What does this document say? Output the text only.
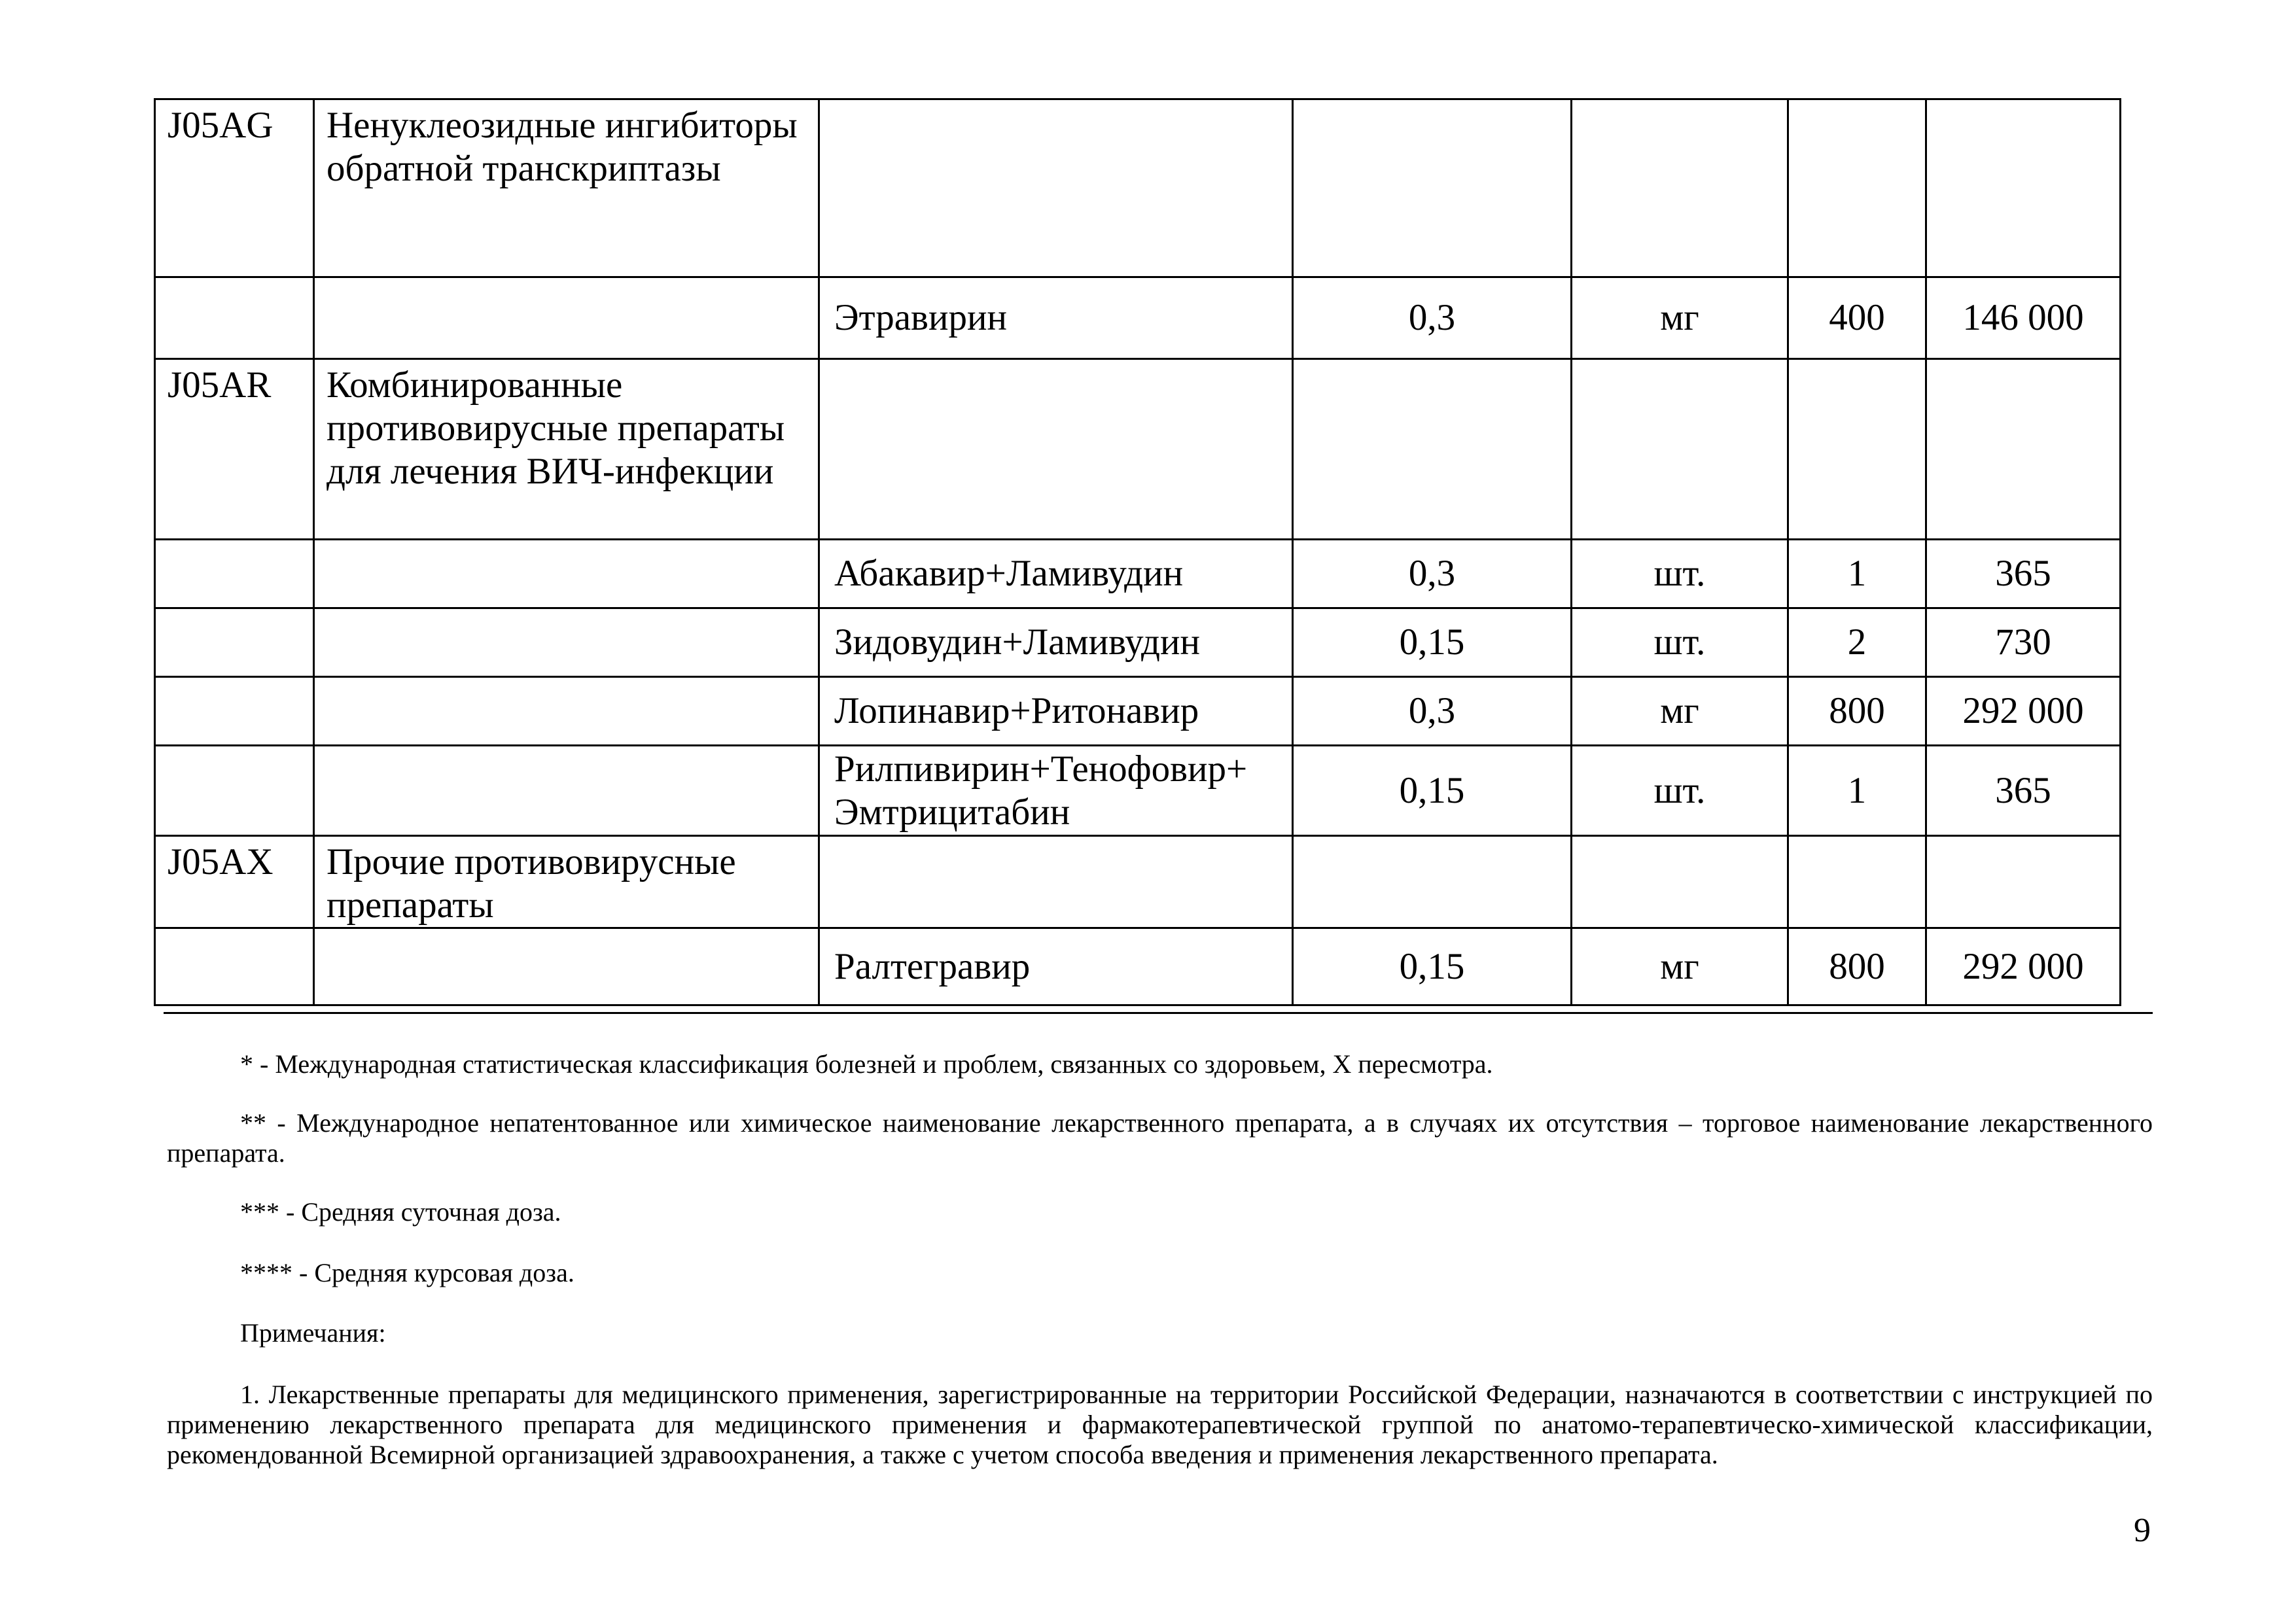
J05AG	Ненуклеозидные ингибиторы обратной транскриптазы					
		Этравирин	0,3	мг	400	146 000
J05AR	Комбинированные противовирусные препараты для лечения ВИЧ-инфекции					
		Абакавир+Ламивудин	0,3	шт.	1	365
		Зидовудин+Ламивудин	0,15	шт.	2	730
		Лопинавир+Ритонавир	0,3	мг	800	292 000
		Рилпивирин+Тенофовир+ Эмтрицитабин	0,15	шт.	1	365
J05AX	Прочие противовирусные препараты					
		Ралтегравир	0,15	мг	800	292 000

* - Международная статистическая классификация болезней и проблем, связанных со здоровьем, X пересмотра.

** - Международное непатентованное или химическое наименование лекарственного препарата, а в случаях их отсутствия – торговое наименование лекарственного препарата.

*** - Средняя суточная доза.

**** - Средняя курсовая доза.

Примечания:

1. Лекарственные препараты для медицинского применения, зарегистрированные на территории Российской Федерации, назначаются в соответствии с инструкцией по применению лекарственного препарата для медицинского применения и фармакотерапевтической группой по анатомо-терапевтическо-химической классификации, рекомендованной Всемирной организацией здравоохранения, а также с учетом способа введения и применения лекарственного препарата.

9
